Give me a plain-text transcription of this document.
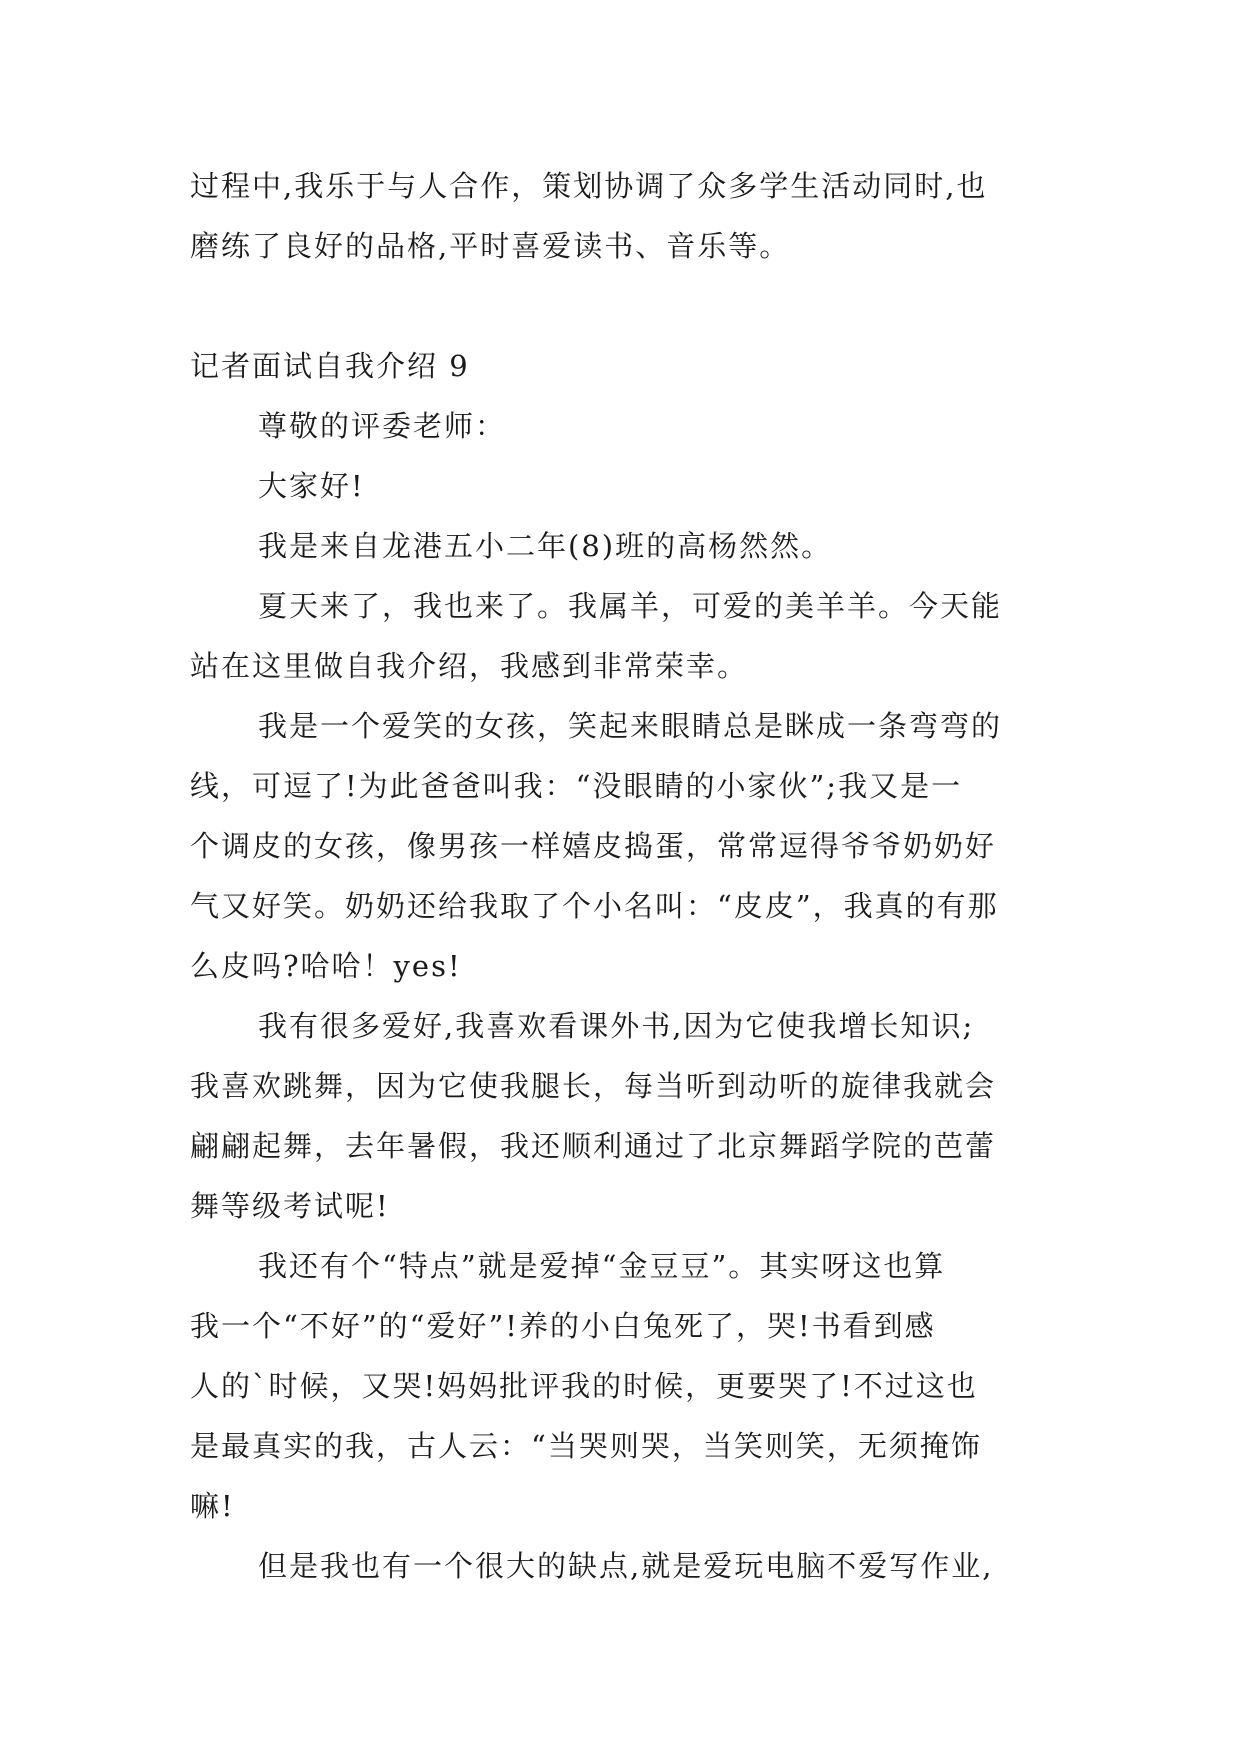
过程中,我乐于与人合作，策划协调了众多学生活动同时,也
磨练了良好的品格,平时喜爱读书、音乐等。
记者面试自我介绍 9
尊敬的评委老师：
大家好!
我是来自龙港五小二年(8)班的高杨然然。
夏天来了，我也来了。我属羊，可爱的美羊羊。今天能
站在这里做自我介绍，我感到非常荣幸。
我是一个爱笑的女孩，笑起来眼睛总是眯成一条弯弯的
线，可逗了!为此爸爸叫我：“没眼睛的小家伙”;我又是一
个调皮的女孩，像男孩一样嬉皮捣蛋，常常逗得爷爷奶奶好
气又好笑。奶奶还给我取了个小名叫：“皮皮”，我真的有那
么皮吗?哈哈！yes!
我有很多爱好,我喜欢看课外书,因为它使我增长知识;
我喜欢跳舞，因为它使我腿长，每当听到动听的旋律我就会
翩翩起舞，去年暑假，我还顺利通过了北京舞蹈学院的芭蕾
舞等级考试呢!
我还有个“特点”就是爱掉“金豆豆”。其实呀这也算
我一个“不好”的“爱好”!养的小白兔死了，哭!书看到感
人的`时候，又哭!妈妈批评我的时候，更要哭了!不过这也
是最真实的我，古人云：“当哭则哭，当笑则笑，无须掩饰
嘛!
但是我也有一个很大的缺点,就是爱玩电脑不爱写作业,
